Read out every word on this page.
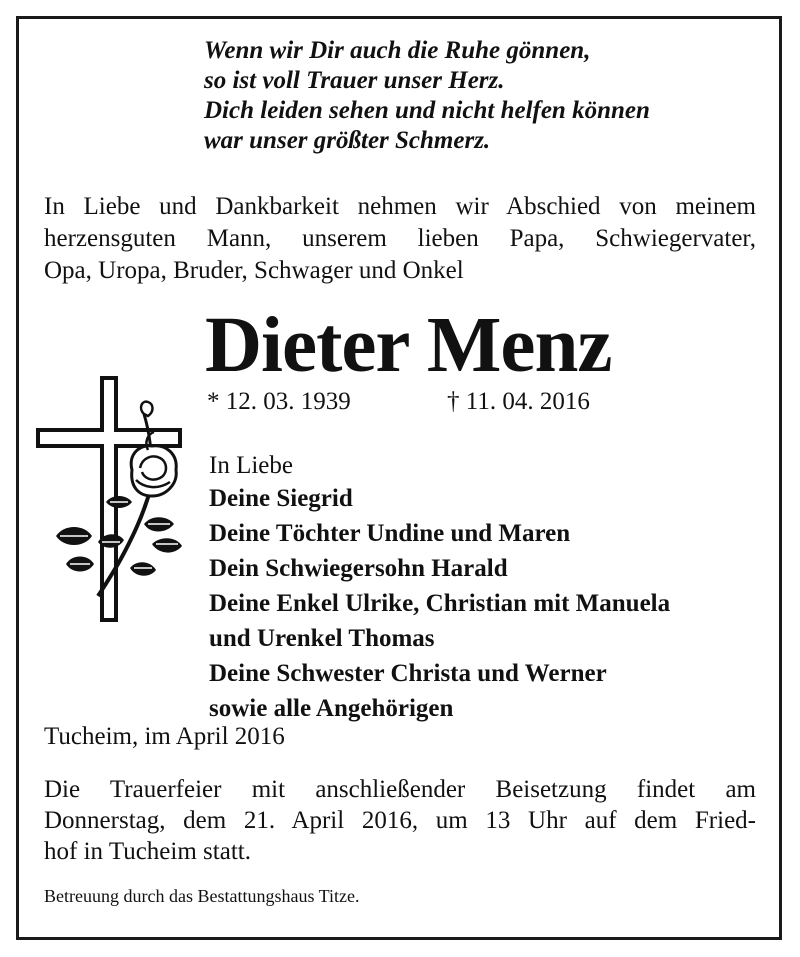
Wenn wir Dir auch die Ruhe gönnen,
so ist voll Trauer unser Herz.
Dich leiden sehen und nicht helfen können
war unser größter Schmerz.
In Liebe und Dankbarkeit nehmen wir Abschied von meinem
herzensguten Mann, unserem lieben Papa, Schwiegervater,
Opa, Uropa, Bruder, Schwager und Onkel
Dieter Menz
* 12. 03. 1939	† 11. 04. 2016
In Liebe
Deine Siegrid
Deine Töchter Undine und Maren
Dein Schwiegersohn Harald
Deine Enkel Ulrike, Christian mit Manuela
und Urenkel Thomas
Deine Schwester Christa und Werner
sowie alle Angehörigen
Tucheim, im April 2016
Die Trauerfeier mit anschließender Beisetzung findet am
Donnerstag, dem 21. April 2016, um 13 Uhr auf dem Fried-
hof in Tucheim statt.
Betreuung durch das Bestattungshaus Titze.
